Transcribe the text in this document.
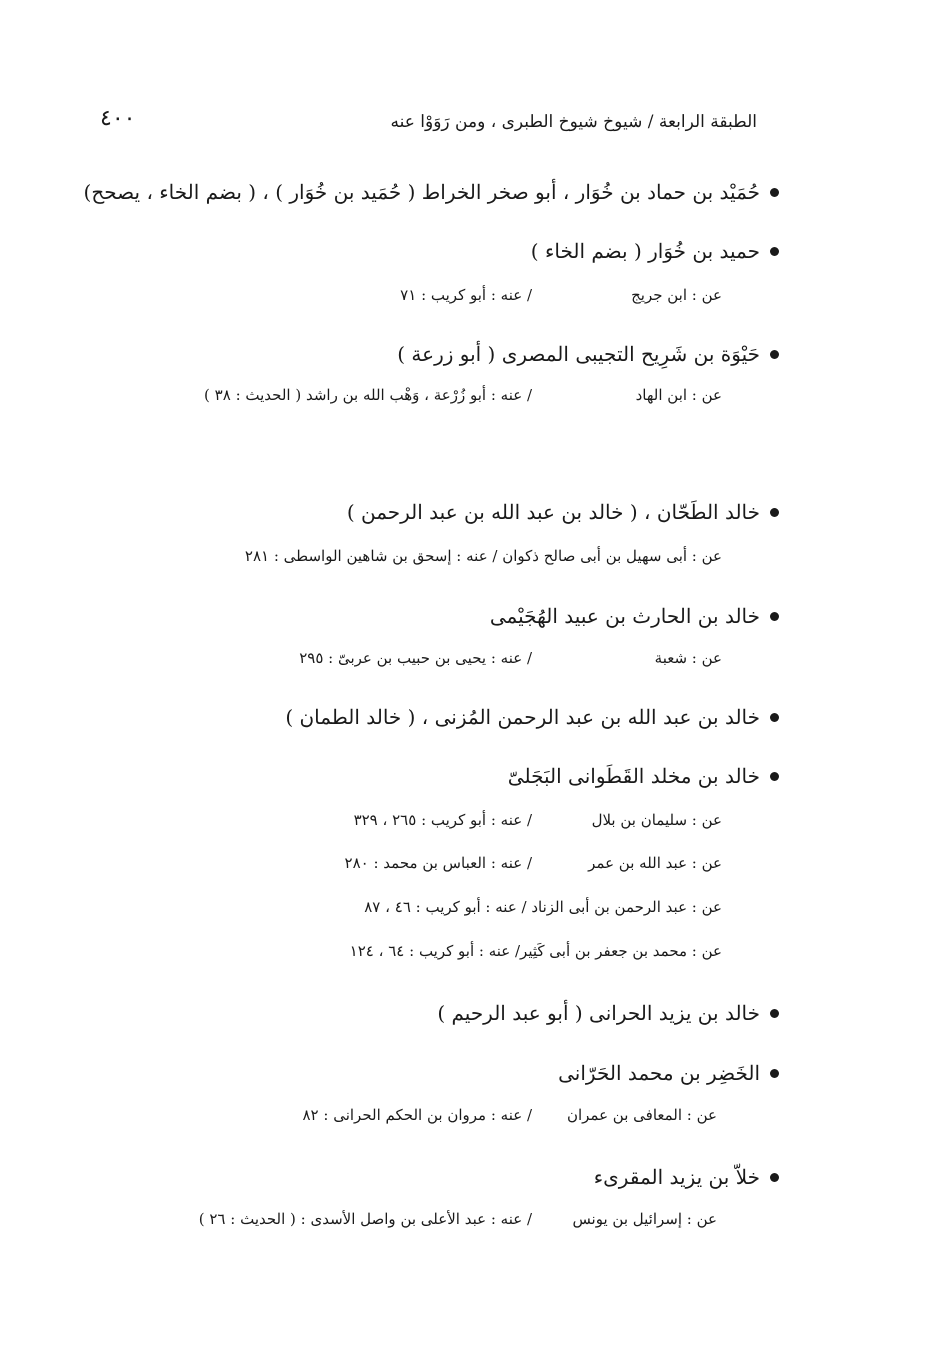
٤٠٠	الطبقة الرابعة / شيوخ شيوخ الطبرى ، ومن رَوَوْا عنه
حُمَيْد بن حماد بن خُوَار ، أبو صخر الخراط ( حُمَيد بن خُوَار ) ، ( بضم الخاء ، يصحح)
حميد بن خُوَار ( بضم الخاء )
عن : ابن جريج
/ عنه : أبو كريب : ٧١
حَيْوَة بن شَرِيح التجيبى المصرى ( أبو زرعة )
عن : ابن الهاد
/ عنه : أبو زُرْعة ، وَهْب الله بن راشد ( الحديث : ٣٨ )
خالد الطَحّان ، ( خالد بن عبد الله بن عبد الرحمن )
عن : أبى سهيل بن أبى صالح ذكوان / عنه : إسحق بن شاهين الواسطى : ٢٨١
خالد بن الحارث بن عبيد الهُجَيْمى
عن : شعبة
/ عنه : يحيى بن حبيب بن عربىّ : ٢٩٥
خالد بن عبد الله بن عبد الرحمن المُزنى ، ( خالد الطمان )
خالد بن مخلد القَطَوانى البَجَلىّ
عن : سليمان بن بلال
/ عنه : أبو كريب : ٢٦٥ ، ٣٢٩
عن : عبد الله بن عمر
/ عنه : العباس بن محمد : ٢٨٠
عن : عبد الرحمن بن أبى الزناد / عنه : أبو كريب : ٤٦ ، ٨٧
عن : محمد بن جعفر بن أبى كَثِير/ عنه : أبو كريب : ٦٤ ، ١٢٤
خالد بن يزيد الحرانى ( أبو عبد الرحيم )
الخَضِر بن محمد الحَرّانى
عن : المعافى بن عمران
/ عنه : مروان بن الحكم الحرانى : ٨٢
خلاّ بن يزيد المقرىء
عن : إسرائيل بن يونس
/ عنه : عبد الأعلى بن واصل الأسدى : ( الحديث : ٢٦ )
